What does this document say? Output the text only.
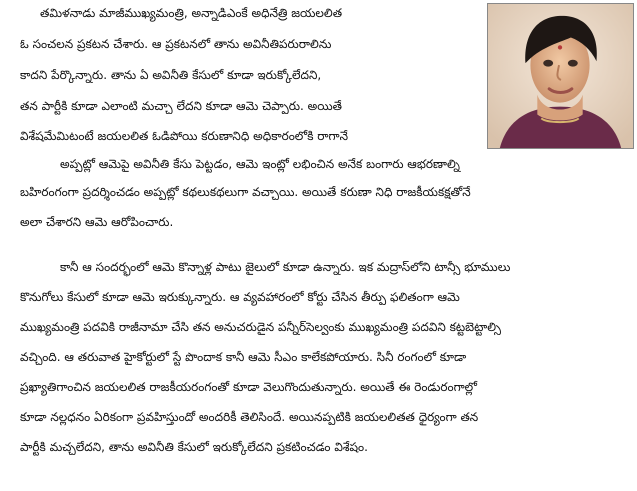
తమిళనాడు మాజీముఖ్యమంత్రి, అన్నాడిఎంకే అధినేత్రి జయలలిత
ఓ సంచలన ప్రకటన చేశారు. ఆ ప్రకటనలో తాను అవినీతిపరురాలిను
కాదని పేర్కొన్నారు. తాను ఏ అవినీతి కేసులో కూడా ఇరుక్కోలేదని,
తన పార్టీకి కూడా ఎలాంటి మచ్చా లేదని కూడా ఆమె చెప్పారు. అయితే
విశేషమేమిటంటే జయలలిత ఓడిపోయి కరుణానిధి అధికారంలోకి రాగానే
అప్పట్లో ఆమెపై అవినీతి కేసు పెట్టడం, ఆమె ఇంట్లో లభించిన అనేక బంగారు ఆభరణాల్ని
బహిరంగంగా ప్రదర్శించడం అప్పట్లో కథలుకథలుగా వచ్చాయి. అయితే కరుణా నిధి రాజకీయకక్షతోనే
అలా చేశారని ఆమె ఆరోపించారు.
కానీ ఆ సందర్భంలో ఆమె కొన్నాళ్ల పాటు జైలులో కూడా ఉన్నారు. ఇక మద్రాస్‌లోని టాన్సీ భూములు
కొనుగోలు కేసులో కూడా ఆమె ఇరుక్కున్నారు. ఆ వ్యవహారంలో కోర్టు చేసిన తీర్పు ఫలితంగా ఆమె
ముఖ్యమంత్రి పదవికి రాజీనామా చేసి తన అనుచరుడైన పన్నీర్‌సెల్వంకు ముఖ్యమంత్రి పదవిని కట్టబెట్టాల్సి
వచ్చింది. ఆ తరువాత హైకోర్టులో స్టే పొందాక కానీ ఆమె సీఎం కాలేకపోయారు. సినీ రంగంలో కూడా
ప్రఖ్యాతిగాంచిన జయలలిత రాజకీయరంగంతో కూడా వెలుగొందుతున్నారు. అయితే ఈ రెండురంగాల్లో
కూడా నల్లధనం ఏరికంగా ప్రవహిస్తుందో అందరికీ తెలిసిందే. అయినప్పటికి జయలలితత ధైర్యంగా తన
పార్టీకి మచ్చలేదని, తాను అవినీతి కేసులో ఇరుక్కోలేదని ప్రకటించడం విశేషం.
